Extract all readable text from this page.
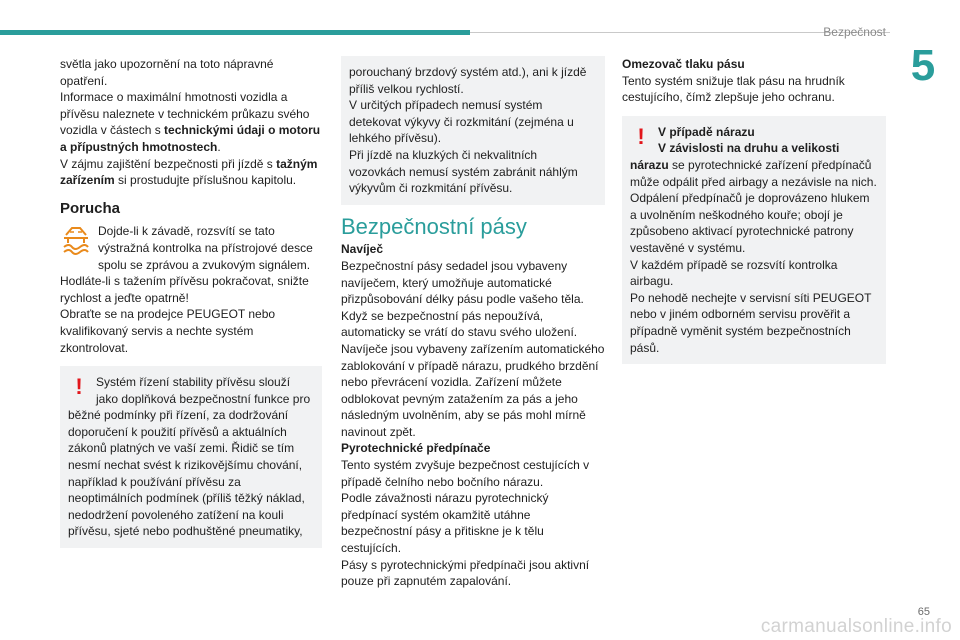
Bezpečnost
5

světla jako upozornění na toto nápravné opatření.

Informace o maximální hmotnosti vozidla a přívěsu naleznete v technickém průkazu svého vozidla v částech s technickými údaji o motoru a přípustných hmotnostech.

V zájmu zajištění bezpečnosti při jízdě s tažným zařízením si prostudujte příslušnou kapitolu.

Porucha

Dojde-li k závadě, rozsvítí se tato výstražná kontrolka na přístrojové desce spolu se zprávou a zvukovým signálem.

Hodláte-li s tažením přívěsu pokračovat, snižte rychlost a jeďte opatrně!

Obraťte se na prodejce PEUGEOT nebo kvalifikovaný servis a nechte systém zkontrolovat.

!	Systém řízení stability přívěsu slouží jako doplňková bezpečnostní funkce pro běžné podmínky při řízení, za dodržování doporučení k použití přívěsů a aktuálních zákonů platných ve vaší zemi. Řidič se tím nesmí nechat svést k rizikovějšímu chování, například k používání přívěsu za neoptimálních podmínek (příliš těžký náklad, nedodržení povoleného zatížení na kouli přívěsu, sjeté nebo podhuštěné pneumatiky,

porouchaný brzdový systém atd.), ani k jízdě příliš velkou rychlostí.

V určitých případech nemusí systém detekovat výkyvy či rozkmitání (zejména u lehkého přívěsu).

Při jízdě na kluzkých či nekvalitních vozovkách nemusí systém zabránit náhlým výkyvům či rozkmitání přívěsu.

Bezpečnostní pásy

Navíječ

Bezpečnostní pásy sedadel jsou vybaveny navíječem, který umožňuje automatické přizpůsobování délky pásu podle vašeho těla. Když se bezpečnostní pás nepoužívá, automaticky se vrátí do stavu svého uložení.

Navíječe jsou vybaveny zařízením automatického zablokování v případě nárazu, prudkého brzdění nebo převrácení vozidla. Zařízení můžete odblokovat pevným zatažením za pás a jeho následným uvolněním, aby se pás mohl mírně navinout zpět.

Pyrotechnické předpínače

Tento systém zvyšuje bezpečnost cestujících v případě čelního nebo bočního nárazu.

Podle závažnosti nárazu pyrotechnický předpínací systém okamžitě utáhne bezpečnostní pásy a přitiskne je k tělu cestujících.

Pásy s pyrotechnickými předpínači jsou aktivní pouze při zapnutém zapalování.

Omezovač tlaku pásu

Tento systém snižuje tlak pásu na hrudník cestujícího, čímž zlepšuje jeho ochranu.

!	V případě nárazu

V závislosti na druhu a velikosti nárazu se pyrotechnické zařízení předpínačů může odpálit před airbagy a nezávisle na nich. Odpálení předpínačů je doprovázeno hlukem a uvolněním neškodného kouře; obojí je způsobeno aktivací pyrotechnické patrony vestavěné v systému.

V každém případě se rozsvítí kontrolka airbagu.

Po nehodě nechejte v servisní síti PEUGEOT nebo v jiném odborném servisu prověřit a případně vyměnit systém bezpečnostních pásů.

65
carmanualsonline.info
